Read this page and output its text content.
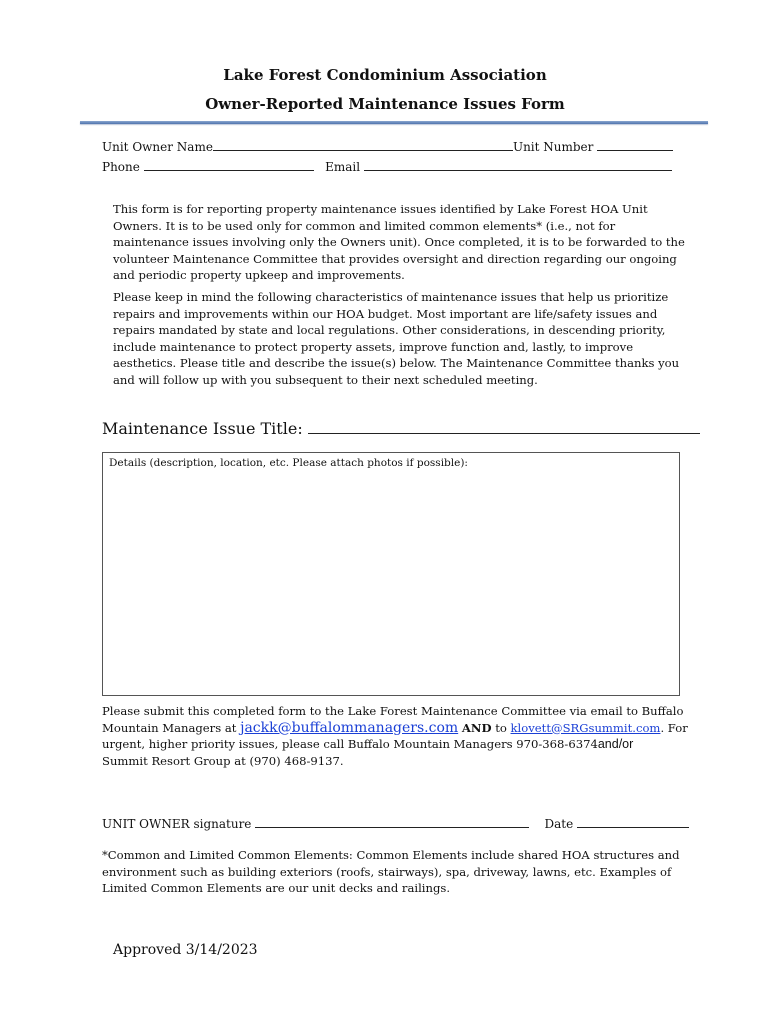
Lake Forest Condominium Association
Owner-Reported Maintenance Issues Form
Unit Owner Name	Unit Number
Phone	Email
This form is for reporting property maintenance issues identified by Lake Forest HOA Unit Owners. It is to be used only for common and limited common elements* (i.e., not for maintenance issues involving only the Owners unit). Once completed, it is to be forwarded to the volunteer Maintenance Committee that provides oversight and direction regarding our ongoing and periodic property upkeep and improvements.
Please keep in mind the following characteristics of maintenance issues that help us prioritize repairs and improvements within our HOA budget. Most important are life/safety issues and repairs mandated by state and local regulations. Other considerations, in descending priority, include maintenance to protect property assets, improve function and, lastly, to improve aesthetics. Please title and describe the issue(s) below. The Maintenance Committee thanks you and will follow up with you subsequent to their next scheduled meeting.
Maintenance Issue Title:
Details (description, location, etc. Please attach photos if possible):
Please submit this completed form to the Lake Forest Maintenance Committee via email to Buffalo
Mountain Managers at jackk@buffalommanagers.com AND to klovett@SRGsummit.com. For
urgent, higher priority issues, please call Buffalo Mountain Managers 970-368-6374and/or
Summit Resort Group at (970) 468-9137.
UNIT OWNER signature	Date
*Common and Limited Common Elements: Common Elements include shared HOA structures and environment such as building exteriors (roofs, stairways), spa, driveway, lawns, etc. Examples of Limited Common Elements are our unit decks and railings.
Approved 3/14/2023
